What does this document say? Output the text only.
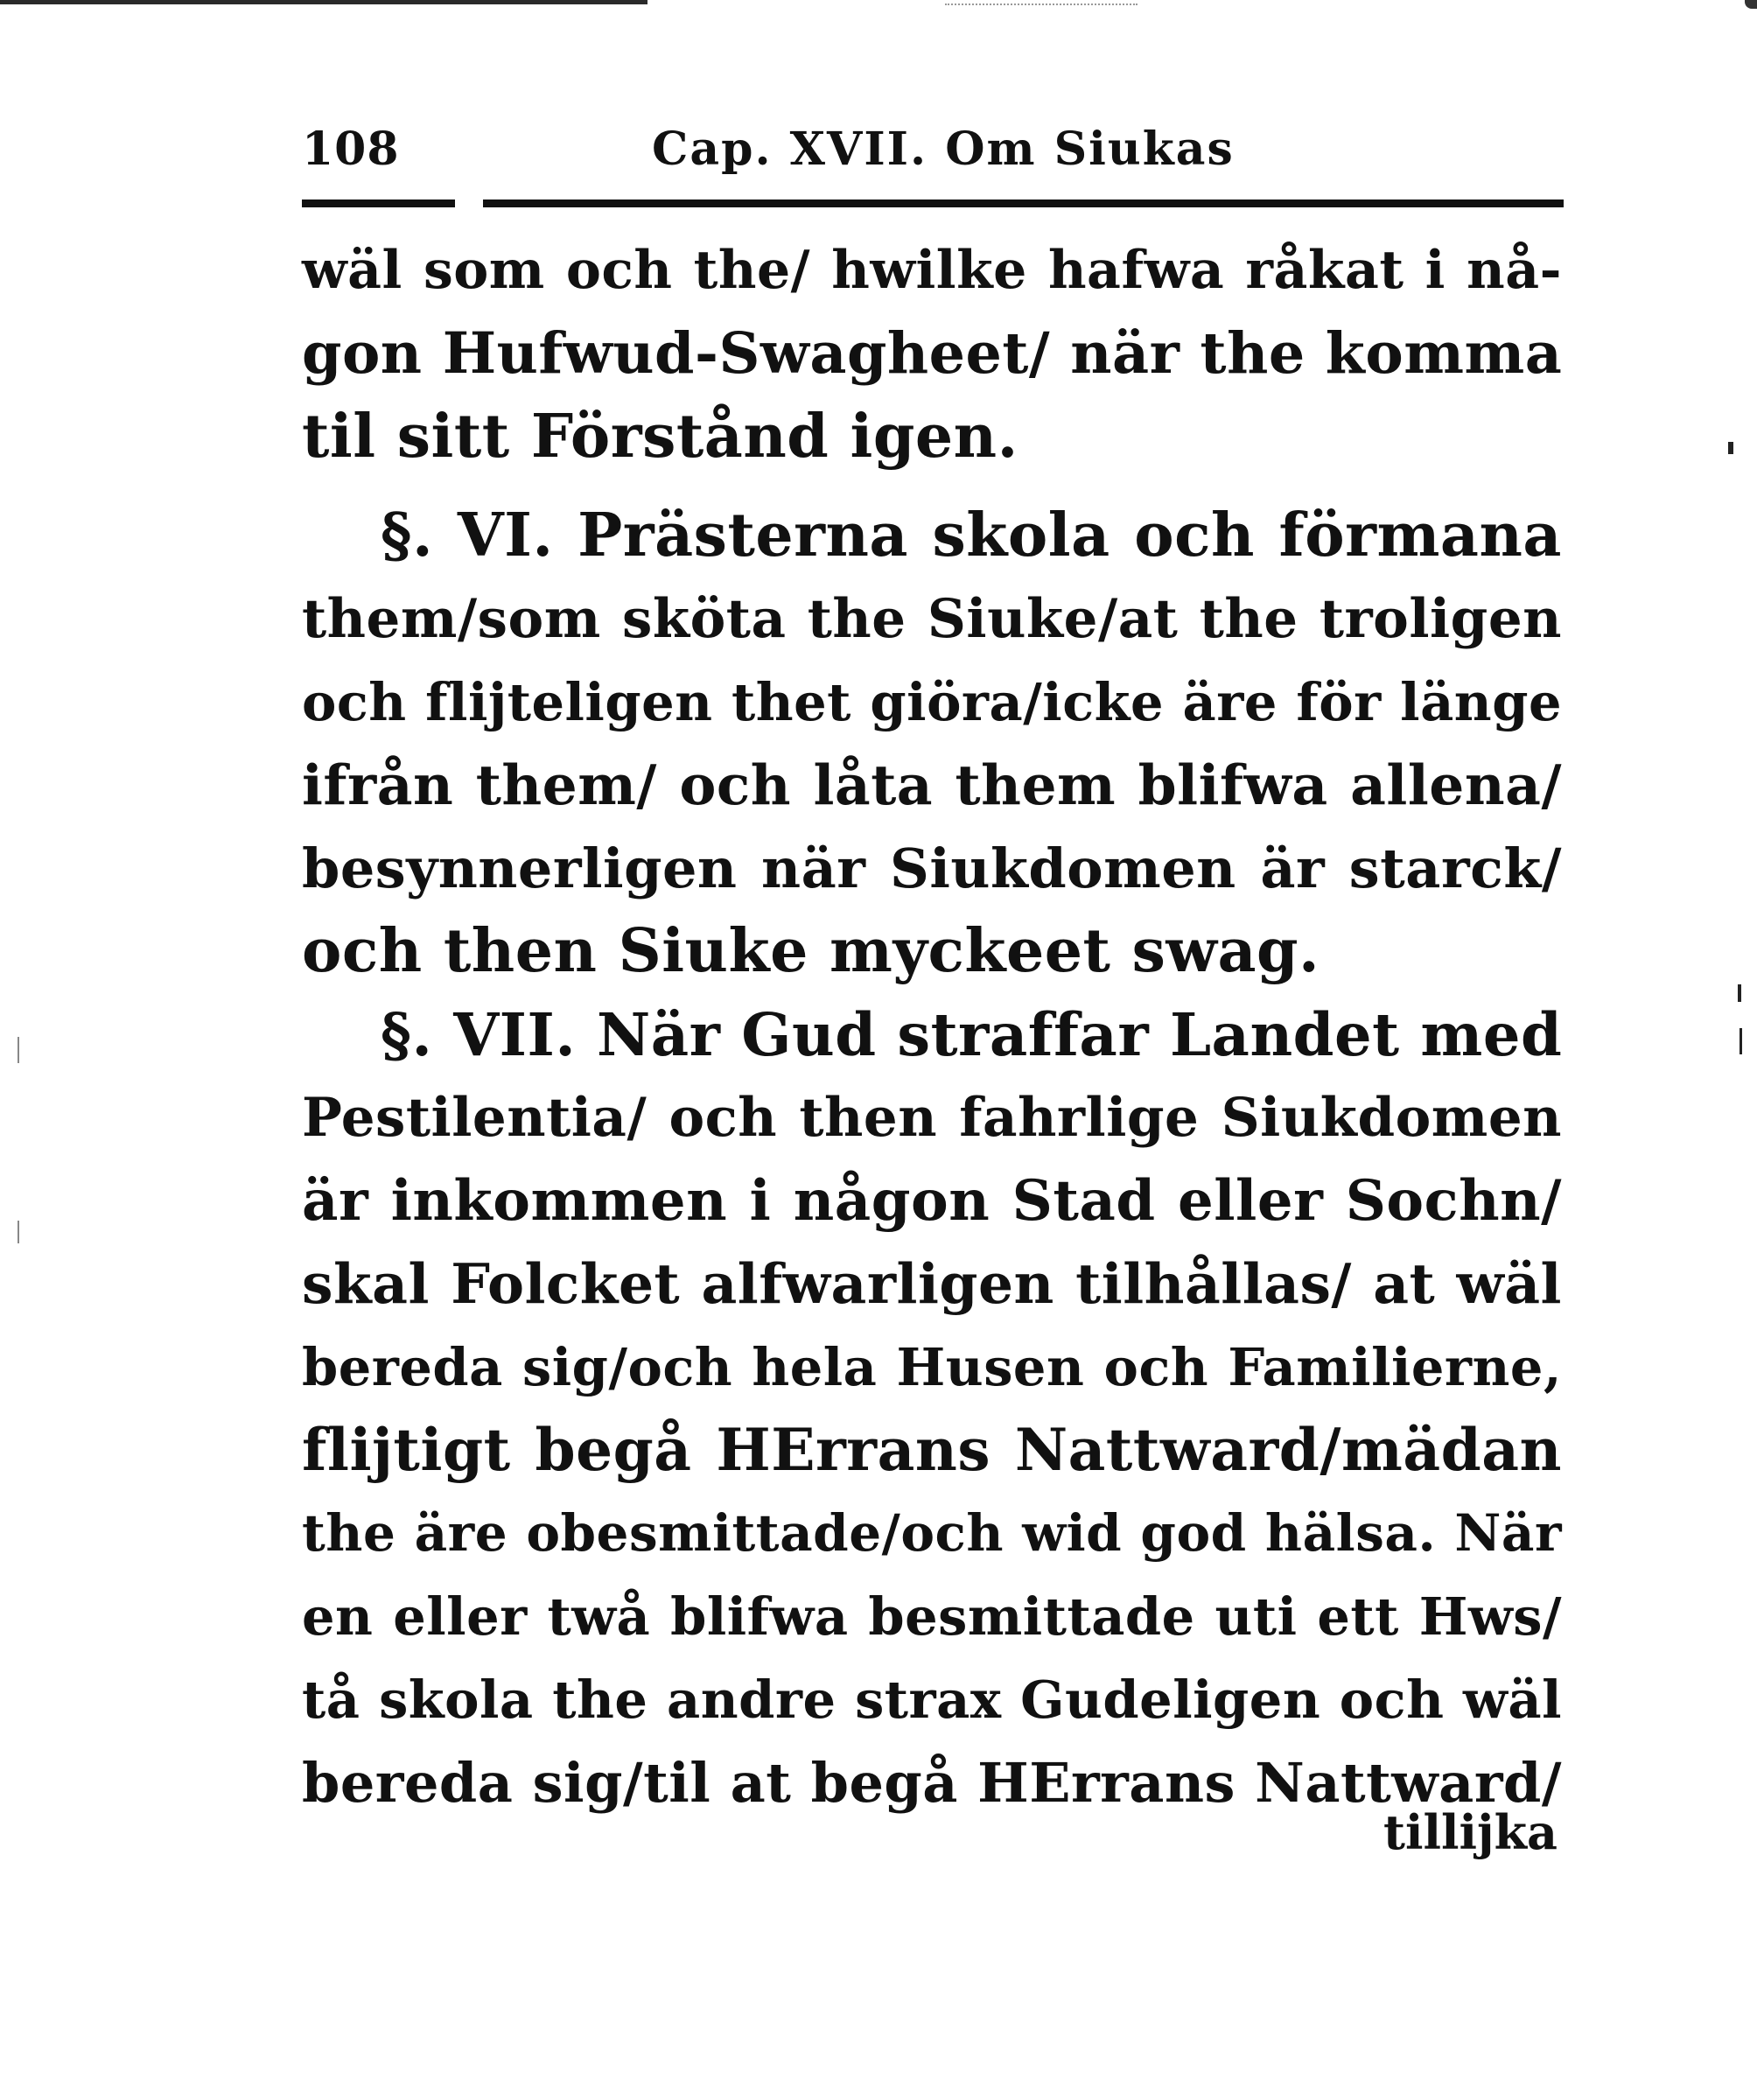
108	Cap. XVII. Om Siukas
wäl som och the/ hwilke hafwa råkat i nå-
gon Hufwud-Swagheet/ när the komma
til sitt Förstånd igen.
§. VI. Prästerna skola och förmana
them/som sköta the Siuke/at the troligen
och flijteligen thet giöra/icke äre för länge
ifrån them/ och låta them blifwa allena/
besynnerligen när Siukdomen är starck/
och then Siuke myckeet swag.
§. VII. När Gud straffar Landet med
Pestilentia/ och then fahrlige Siukdomen
är inkommen i någon Stad eller Sochn/
skal Folcket alfwarligen tilhållas/ at wäl
bereda sig/och hela Husen och Familierne,
flijtigt begå HErrans Nattward/mädan
the äre obesmittade/och wid god hälsa. När
en eller twå blifwa besmittade uti ett Hws/
tå skola the andre strax Gudeligen och wäl
bereda sig/til at begå HErrans Nattward/
tillijka
